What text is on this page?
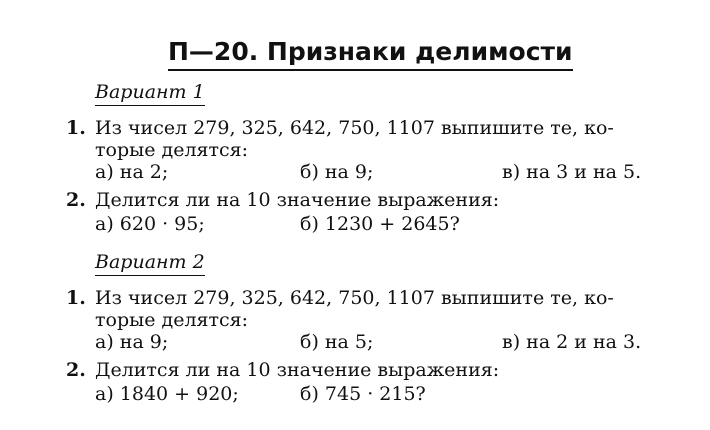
П—20. Признаки делимости
Вариант 1
1. Из чисел 279, 325, 642, 750, 1107 выпишите те, ко-
торые делятся:
а) на 2;	б) на 9;	в) на 3 и на 5.
2. Делится ли на 10 значение выражения:
а) 620 · 95;	б) 1230 + 2645?
Вариант 2
1. Из чисел 279, 325, 642, 750, 1107 выпишите те, ко-
торые делятся:
а) на 9;	б) на 5;	в) на 2 и на 3.
2. Делится ли на 10 значение выражения:
а) 1840 + 920;	б) 745 · 215?
